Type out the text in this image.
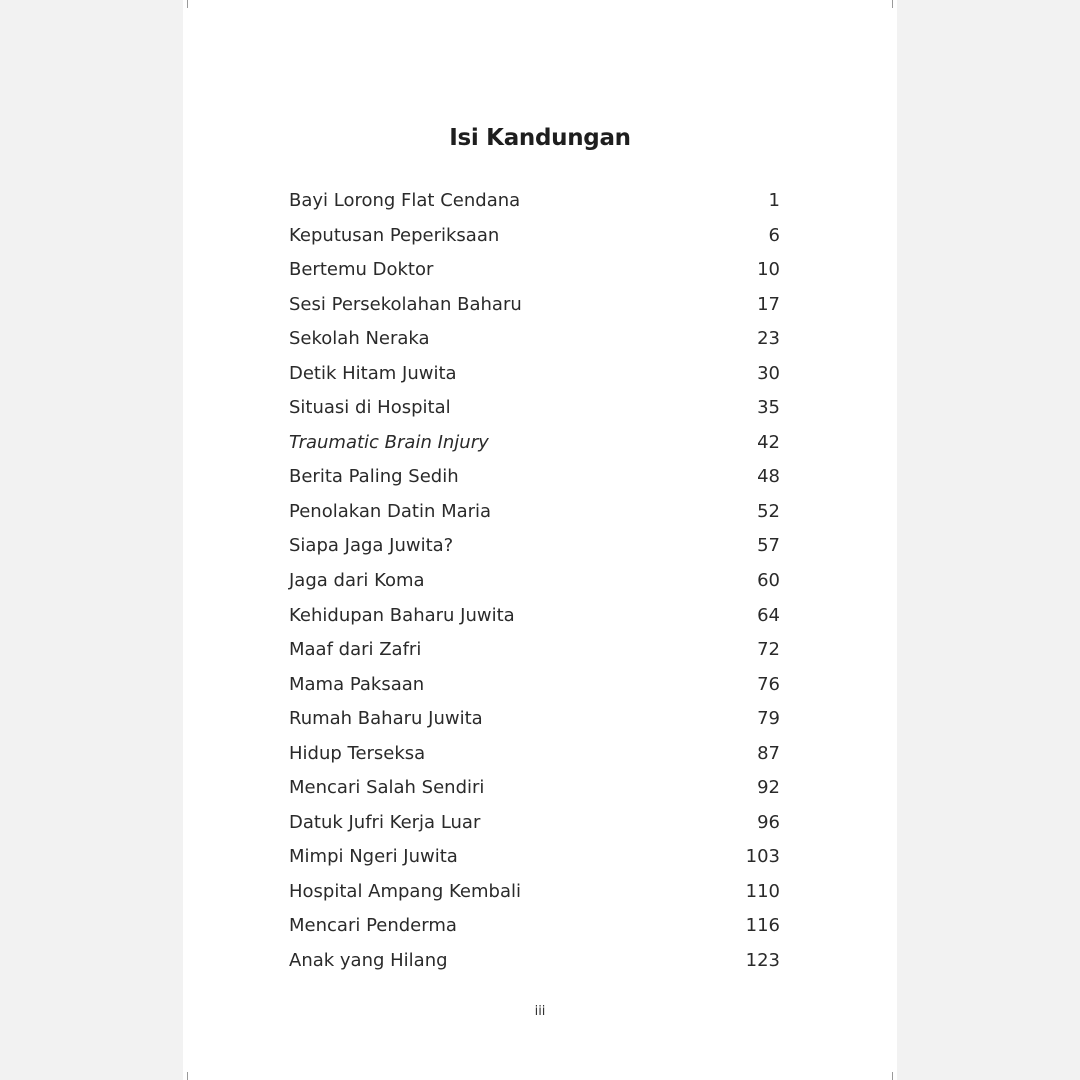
Isi Kandungan
Bayi Lorong Flat Cendana	1
Keputusan Peperiksaan	6
Bertemu Doktor	10
Sesi Persekolahan Baharu	17
Sekolah Neraka	23
Detik Hitam Juwita	30
Situasi di Hospital	35
Traumatic Brain Injury	42
Berita Paling Sedih	48
Penolakan Datin Maria	52
Siapa Jaga Juwita?	57
Jaga dari Koma	60
Kehidupan Baharu Juwita	64
Maaf dari Zafri	72
Mama Paksaan	76
Rumah Baharu Juwita	79
Hidup Terseksa	87
Mencari Salah Sendiri	92
Datuk Jufri Kerja Luar	96
Mimpi Ngeri Juwita	103
Hospital Ampang Kembali	110
Mencari Penderma	116
Anak yang Hilang	123
iii
